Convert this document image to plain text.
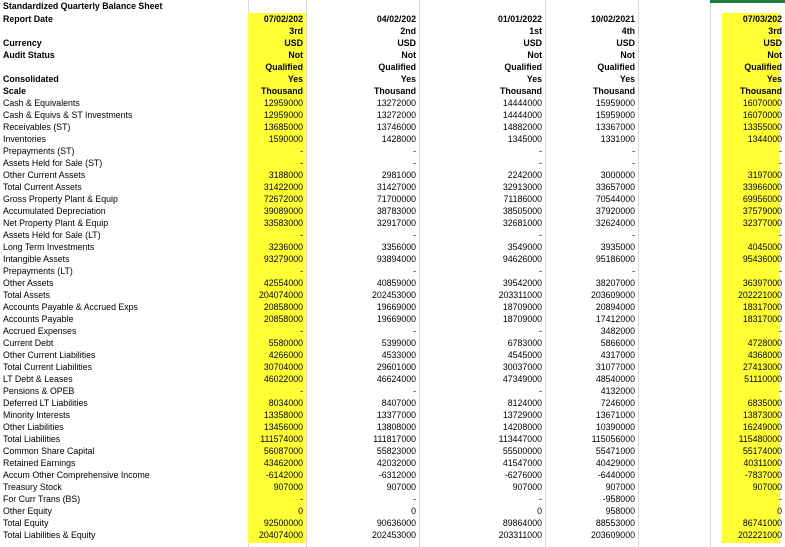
Standardized Quarterly Balance Sheet					
Report Date	07/02/202	04/02/202	01/01/2022	10/02/2021	07/03/202
	3rd	2nd	1st	4th	3rd
Currency	USD	USD	USD	USD	USD
Audit Status	Not	Not	Not	Not	Not
	Qualified	Qualified	Qualified	Qualified	Qualified
Consolidated	Yes	Yes	Yes	Yes	Yes
Scale	Thousand	Thousand	Thousand	Thousand	Thousand
Cash & Equivalents	12959000	13272000	14444000	15959000	16070000
Cash & Equivs & ST Investments	12959000	13272000	14444000	15959000	16070000
Receivables (ST)	13685000	13746000	14882000	13367000	13355000
Inventories	1590000	1428000	1345000	1331000	1344000
Prepayments (ST)	-	-	-	-	-
Assets Held for Sale (ST)	-	-	-	-	-
Other Current Assets	3188000	2981000	2242000	3000000	3197000
Total Current Assets	31422000	31427000	32913000	33657000	33966000
Gross Property Plant & Equip	72672000	71700000	71186000	70544000	69956000
Accumulated Depreciation	39089000	38783000	38505000	37920000	37579000
Net Property Plant & Equip	33583000	32917000	32681000	32624000	32377000
Assets Held for Sale (LT)	-	-	-	-	-
Long Term Investments	3236000	3356000	3549000	3935000	4045000
Intangible Assets	93279000	93894000	94626000	95186000	95436000
Prepayments (LT)	-	-	-	-	-
Other Assets	42554000	40859000	39542000	38207000	36397000
Total Assets	204074000	202453000	203311000	203609000	202221000
Accounts Payable & Accrued Exps	20858000	19669000	18709000	20894000	18317000
Accounts Payable	20858000	19669000	18709000	17412000	18317000
Accrued Expenses	-	-	-	3482000	-
Current Debt	5580000	5399000	6783000	5866000	4728000
Other Current Liabilities	4266000	4533000	4545000	4317000	4368000
Total Current Liabilities	30704000	29601000	30037000	31077000	27413000
LT Debt & Leases	46022000	46624000	47349000	48540000	51110000
Pensions & OPEB	-	-	-	4132000	-
Deferred LT Liabilities	8034000	8407000	8124000	7246000	6835000
Minority Interests	13358000	13377000	13729000	13671000	13873000
Other Liabilities	13456000	13808000	14208000	10390000	16249000
Total Liabilities	111574000	111817000	113447000	115056000	115480000
Common Share Capital	56087000	55823000	55500000	55471000	55174000
Retained Earnings	43462000	42032000	41547000	40429000	40311000
Accum Other Comprehensive Income	-6142000	-6312000	-6276000	-6440000	-7837000
Treasury Stock	907000	907000	907000	907000	907000
For Curr Trans (BS)	-	-	-	-958000	-
Other Equity	0	0	0	958000	0
Total Equity	92500000	90636000	89864000	88553000	86741000
Total Liabilities & Equity	204074000	202453000	203311000	203609000	202221000
